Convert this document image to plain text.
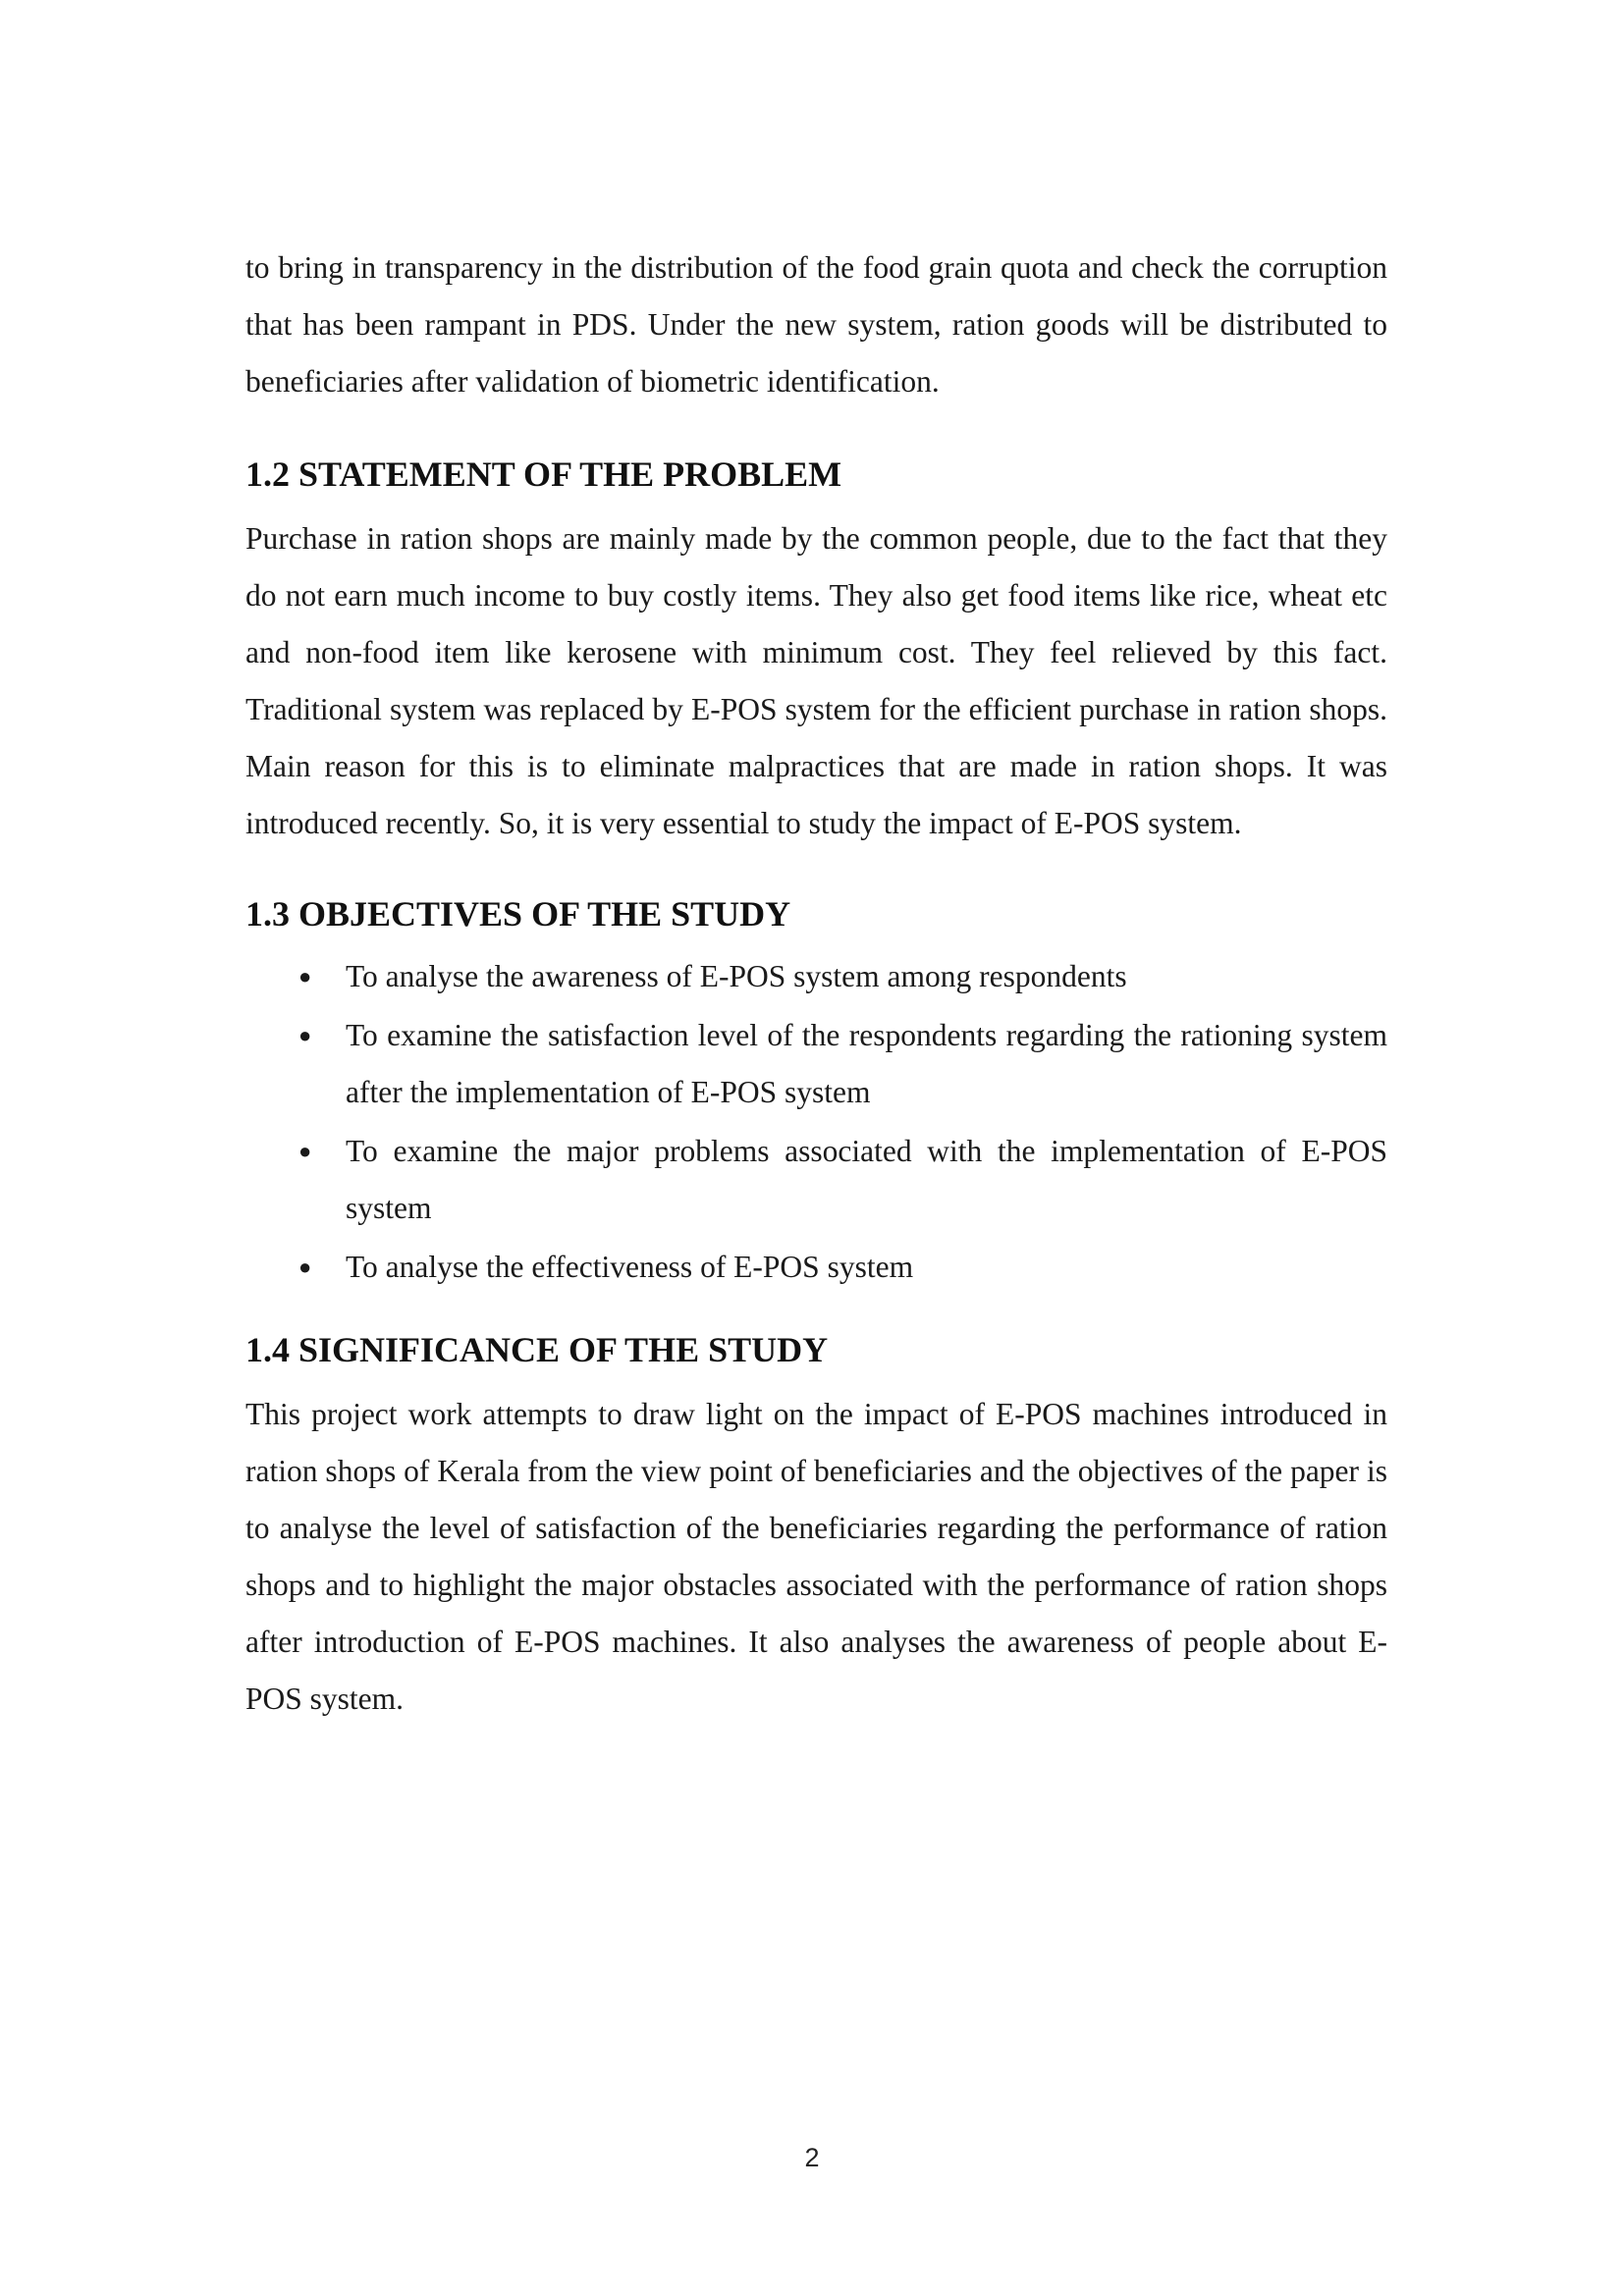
to bring in transparency in the distribution of the food grain quota and check the corruption that has been rampant in PDS. Under the new system, ration goods will be distributed to beneficiaries after validation of biometric identification.

1.2 STATEMENT OF THE PROBLEM

Purchase in ration shops are mainly made by the common people, due to the fact that they do not earn much income to buy costly items. They also get food items like rice, wheat etc and non-food item like kerosene with minimum cost. They feel relieved by this fact. Traditional system was replaced by E-POS system for the efficient purchase in ration shops. Main reason for this is to eliminate malpractices that are made in ration shops. It was introduced recently. So, it is very essential to study the impact of E-POS system.

1.3 OBJECTIVES OF THE STUDY
● To analyse the awareness of E-POS system among respondents
● To examine the satisfaction level of the respondents regarding the rationing system after the implementation of E-POS system
● To examine the major problems associated with the implementation of E-POS system
● To analyse the effectiveness of E-POS system
1.4 SIGNIFICANCE OF THE STUDY

This project work attempts to draw light on the impact of E-POS machines introduced in ration shops of Kerala from the view point of beneficiaries and the objectives of the paper is to analyse the level of satisfaction of the beneficiaries regarding the performance of ration shops and to highlight the major obstacles associated with the performance of ration shops after introduction of E-POS machines. It also analyses the awareness of people about E-POS system.

2
